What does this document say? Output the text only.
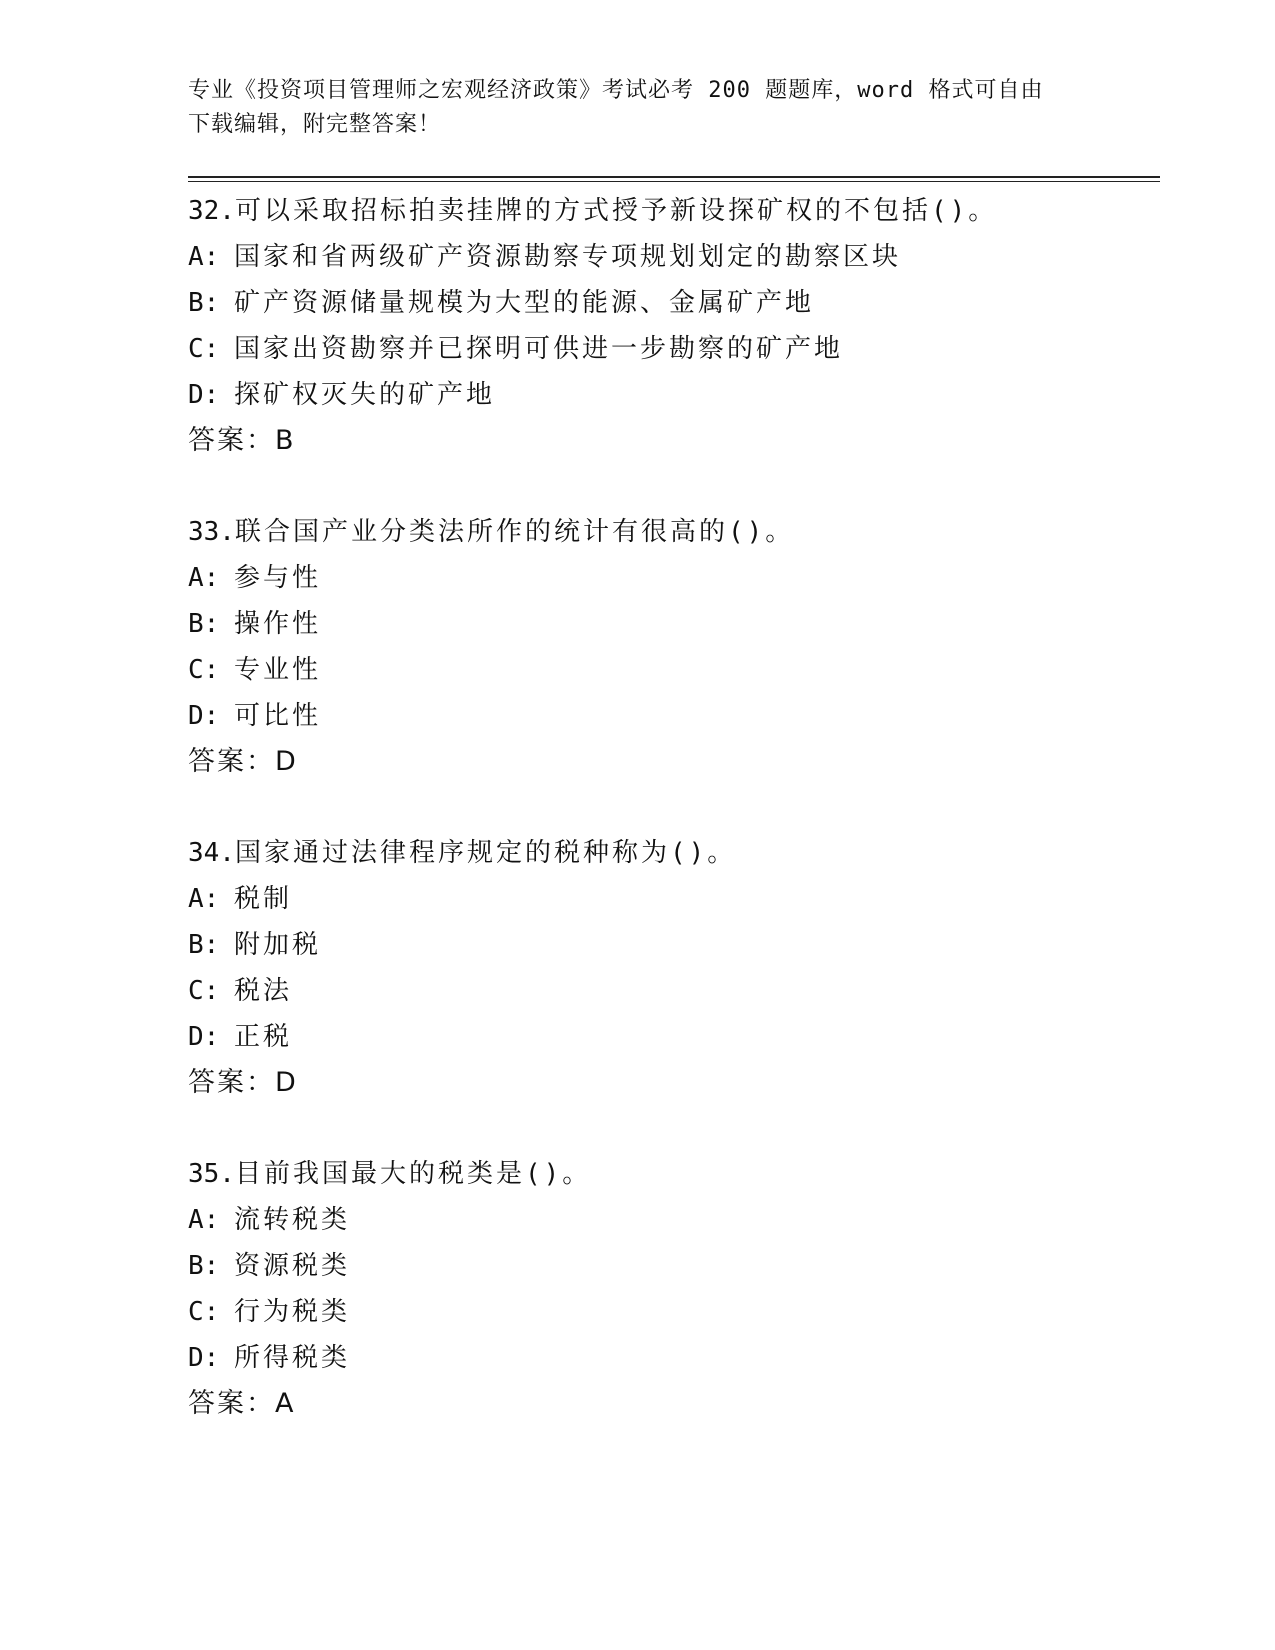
专业《投资项目管理师之宏观经济政策》考试必考 200 题题库，word 格式可自由
下载编辑，附完整答案！
32.可以采取招标拍卖挂牌的方式授予新设探矿权的不包括()。
A: 国家和省两级矿产资源勘察专项规划划定的勘察区块
B: 矿产资源储量规模为大型的能源、金属矿产地
C: 国家出资勘察并已探明可供进一步勘察的矿产地
D: 探矿权灭失的矿产地
答案：B
33.联合国产业分类法所作的统计有很高的()。
A: 参与性
B: 操作性
C: 专业性
D: 可比性
答案：D
34.国家通过法律程序规定的税种称为()。
A: 税制
B: 附加税
C: 税法
D: 正税
答案：D
35.目前我国最大的税类是()。
A: 流转税类
B: 资源税类
C: 行为税类
D: 所得税类
答案：A
